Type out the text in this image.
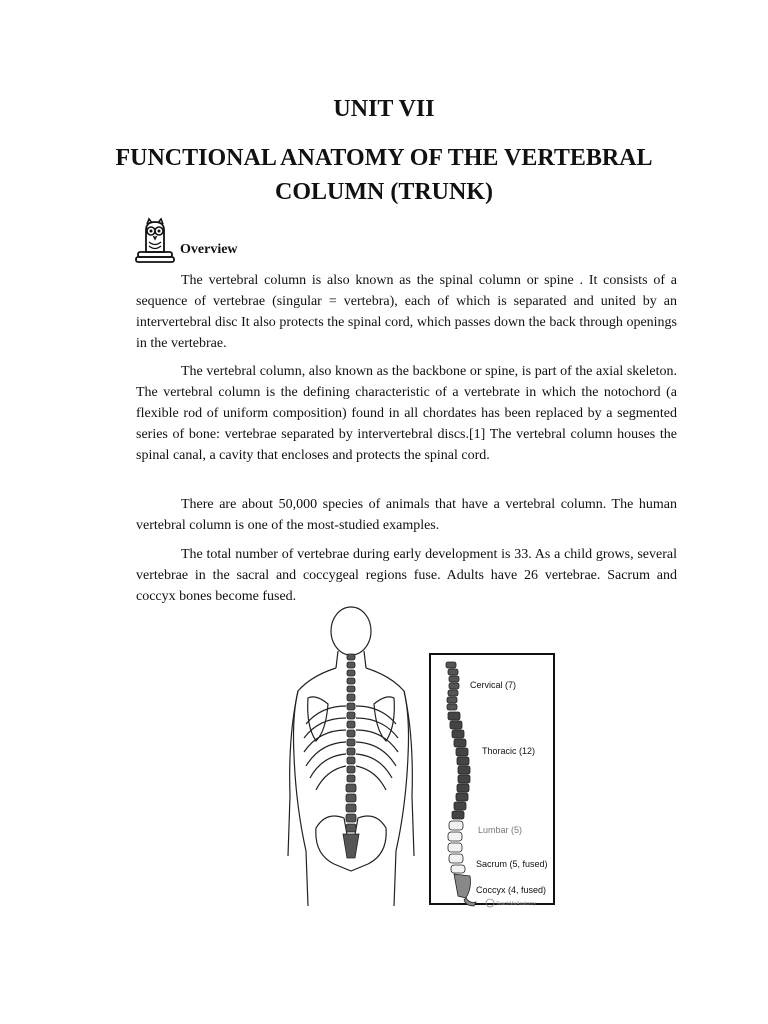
UNIT VII
FUNCTIONAL ANATOMY OF THE VERTEBRAL
COLUMN (TRUNK)
Overview

The vertebral column is also known as the spinal column or spine . It consists of a sequence of vertebrae (singular = vertebra), each of which is separated and united by an intervertebral disc It also protects the spinal cord, which passes down the back through openings in the vertebrae.

The vertebral column, also known as the backbone or spine, is part of the axial skeleton. The vertebral column is the defining characteristic of a vertebrate in which the notochord (a flexible rod of uniform composition) found in all chordates has been replaced by a segmented series of bone: vertebrae separated by intervertebral discs.[1] The vertebral column houses the spinal canal, a cavity that encloses and protects the spinal cord.

There are about 50,000 species of animals that have a vertebral column. The human vertebral column is one of the most-studied examples.

The total number of vertebrae during early development is 33. As a child grows, several vertebrae in the sacral and coccygeal regions fuse. Adults have 26 vertebrae. Sacrum and coccyx bones become fused.

Cervical (7)
Thoracic (12)
Lumbar (5)
Sacrum (5, fused)
Coccyx (4, fused)
TeachMeAnatomy
